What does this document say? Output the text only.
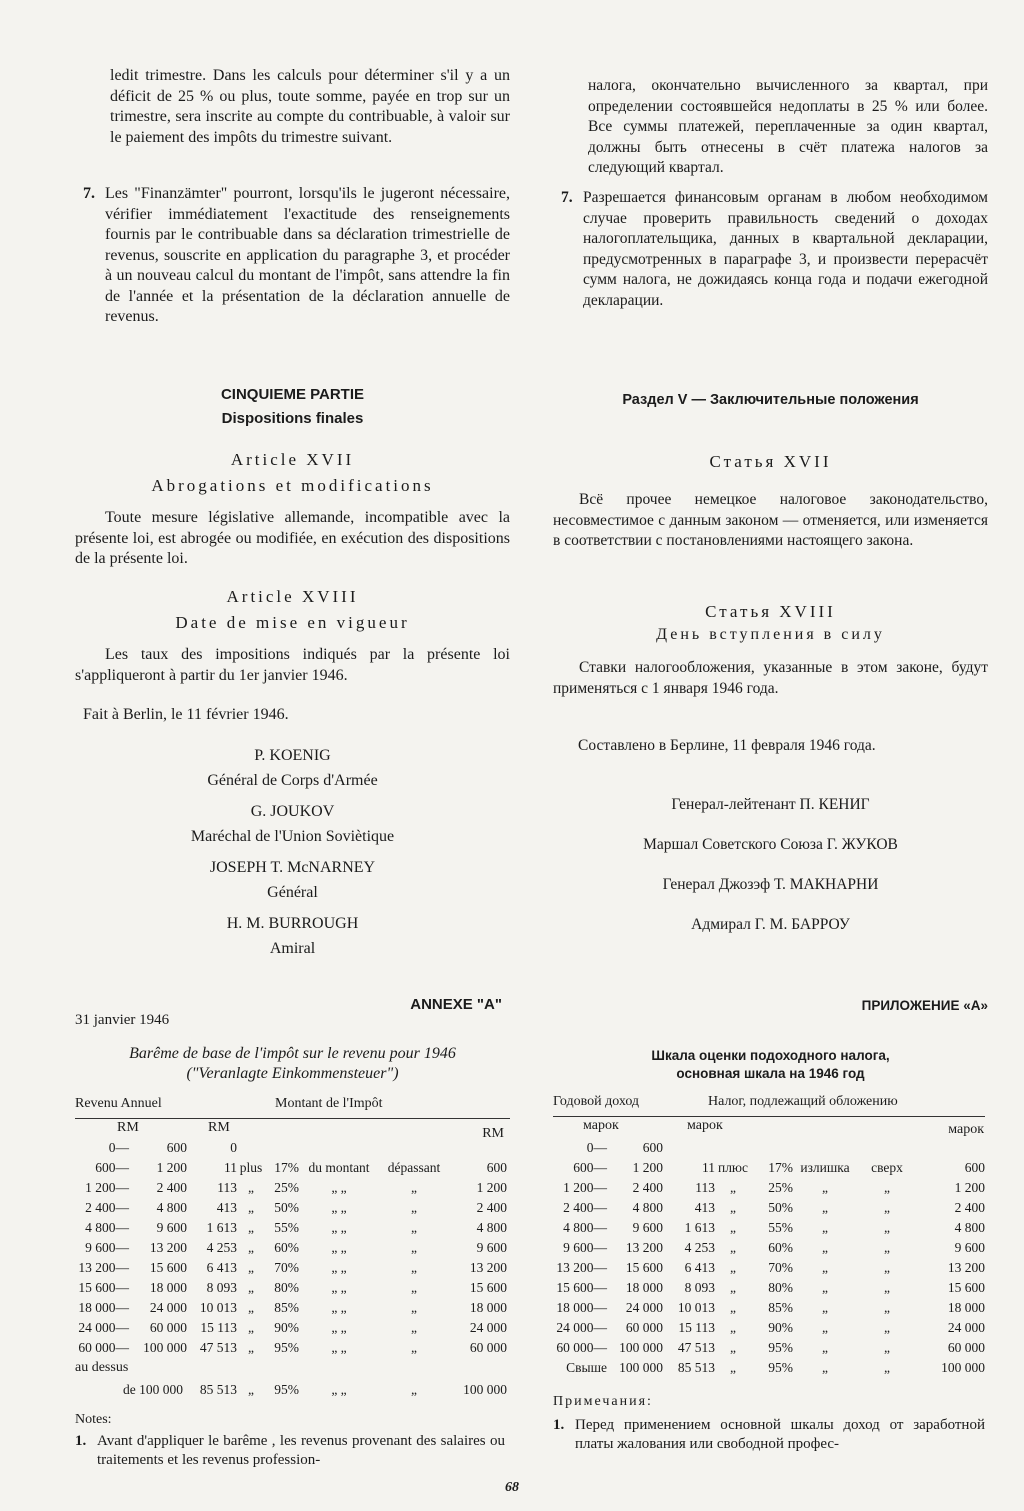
ledit trimestre. Dans les calculs pour déterminer s'il y a un déficit de 25 % ou plus, toute somme, payée en trop sur un trimestre, sera inscrite au compte du contribuable, à valoir sur le paiement des impôts du trimestre suivant.

7. Les "Finanzämter" pourront, lorsqu'ils le jugeront nécessaire, vérifier immédiatement l'exactitude des renseignements fournis par le contribuable dans sa déclaration trimestrielle de revenus, souscrite en application du paragraphe 3, et procéder à un nouveau calcul du montant de l'impôt, sans attendre la fin de l'année et la présentation de la déclaration annuelle de revenus.
CINQUIEME PARTIE
Dispositions finales
Article XVII
Abrogations et modifications

Toute mesure législative allemande, incompatible avec la présente loi, est abrogée ou modifiée, en exécution des dispositions de la présente loi.

Article XVIII
Date de mise en vigueur

Les taux des impositions indiqués par la présente loi s'appliqueront à partir du 1er janvier 1946.

Fait à Berlin, le 11 février 1946.

P. KOENIG
Général de Corps d'Armée
G. JOUKOV
Maréchal de l'Union Soviètique
JOSEPH T. McNARNEY
Général
H. M. BURROUGH
Amiral
ANNEXE "A"
31 janvier 1946
Barême de base de l'impôt sur le revenu pour 1946
("Veranlagte Einkommensteuer")
Revenu Annuel	Montant de l'Impôt
RM	RM	RM
0—	600	0					
600—	1 200	11	plus	17%	du montant	dépassant	600
1 200—	2 400	113	„	25%	„ „	„	1 200
2 400—	4 800	413	„	50%	„ „	„	2 400
4 800—	9 600	1 613	„	55%	„ „	„	4 800
9 600—	13 200	4 253	„	60%	„ „	„	9 600
13 200—	15 600	6 413	„	70%	„ „	„	13 200
15 600—	18 000	8 093	„	80%	„ „	„	15 600
18 000—	24 000	10 013	„	85%	„ „	„	18 000
24 000—	60 000	15 113	„	90%	„ „	„	24 000
60 000—	100 000	47 513	„	95%	„ „	„	60 000
au dessus
de 100 000	85 513	„	95%	„ „	„	100 000
Notes:
1. Avant d'appliquer le barême , les revenus provenant des salaires ou traitements et les revenus profession-

налога, окончательно вычисленного за квартал, при определении состоявшейся недоплаты в 25 % или более. Все суммы платежей, переплаченные за один квартал, должны быть отнесены в счёт платежа налогов за следующий квартал.

7. Разрешается финансовым органам в любом необходимом случае проверить правильность сведений о доходах налогоплательщика, данных в квартальной декларации, предусмотренных в параграфе 3, и произвести перерасчёт сумм налога, не дожидаясь конца года и подачи ежегодной декларации.
Раздел V — Заключительные положения
Статья XVII

Всё прочее немецкое налоговое законодательство, несовместимое с данным законом — отменяется, или изменяется в соответствии с постановлениями настоящего закона.

Статья XVIII
День вступления в силу

Ставки налогообложения, указанные в этом законе, будут применяться с 1 января 1946 года.

Составлено в Берлине, 11 февраля 1946 года.

Генерал-лейтенант П. КЕНИГ
Маршал Советского Союза Г. ЖУКОВ
Генерал Джозэф Т. МАКНАРНИ
Адмирал Г. М. БАРРОУ
ПРИЛОЖЕНИЕ «А»
Шкала оценки подоходного налога,
основная шкала на 1946 год
Годовой доход	Налог, подлежащий обложению
марок	марок	марок
0—	600						
600—	1 200	11	плюс	17%	излишка	сверх	600
1 200—	2 400	113	„	25%	„	„	1 200
2 400—	4 800	413	„	50%	„	„	2 400
4 800—	9 600	1 613	„	55%	„	„	4 800
9 600—	13 200	4 253	„	60%	„	„	9 600
13 200—	15 600	6 413	„	70%	„	„	13 200
15 600—	18 000	8 093	„	80%	„	„	15 600
18 000—	24 000	10 013	„	85%	„	„	18 000
24 000—	60 000	15 113	„	90%	„	„	24 000
60 000—	100 000	47 513	„	95%	„	„	60 000
Свыше	100 000	85 513	„	95%	„	„	100 000
Примечания:
1. Перед применением основной шкалы доход от заработной платы жалования или свободной профес-
68
